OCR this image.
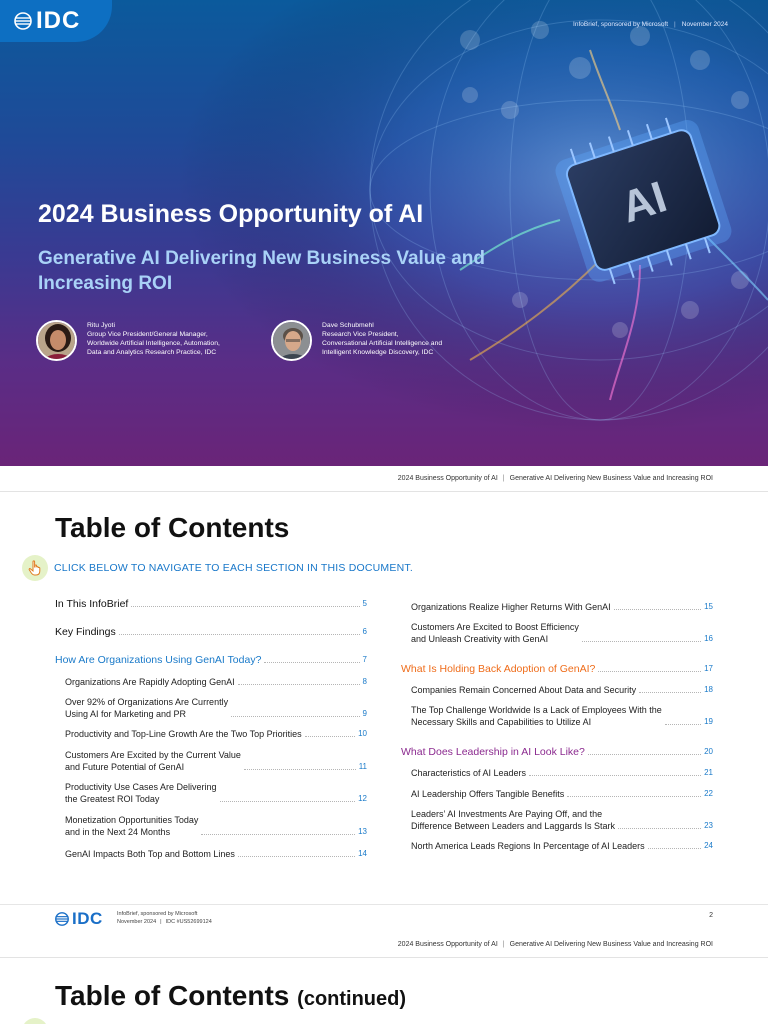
AI
IDC	InfoBrief, sponsored by Microsoft | November 2024
2024 Business Opportunity of AI
Generative AI Delivering New Business Value and Increasing ROI
Ritu Jyoti
Group Vice President/General Manager,
Worldwide Artificial Intelligence, Automation,
Data and Analytics Research Practice, IDC
Dave Schubmehl
Research Vice President,
Conversational Artificial Intelligence and
Intelligent Knowledge Discovery, IDC
2024 Business Opportunity of AI | Generative AI Delivering New Business Value and Increasing ROI
Table of Contents
CLICK BELOW TO NAVIGATE TO EACH SECTION IN THIS DOCUMENT.
In This InfoBrief	5
Key Findings	6
How Are Organizations Using GenAI Today?	7
Organizations Are Rapidly Adopting GenAI	8
Over 92% of Organizations Are Currently
Using AI for Marketing and PR	9
Productivity and Top-Line Growth Are the Two Top Priorities	10
Customers Are Excited by the Current Value
and Future Potential of GenAI	11
Productivity Use Cases Are Delivering
the Greatest ROI Today	12
Monetization Opportunities Today
and in the Next 24 Months	13
GenAI Impacts Both Top and Bottom Lines	14
Organizations Realize Higher Returns With GenAI	15
Customers Are Excited to Boost Efficiency
and Unleash Creativity with GenAI	16
What Is Holding Back Adoption of GenAI?	17
Companies Remain Concerned About Data and Security	18
The Top Challenge Worldwide Is a Lack of Employees With the
Necessary Skills and Capabilities to Utilize AI	19
What Does Leadership in AI Look Like?	20
Characteristics of AI Leaders	21
AI Leadership Offers Tangible Benefits	22
Leaders’ AI Investments Are Paying Off, and the
Difference Between Leaders and Laggards Is Stark	23
North America Leads Regions In Percentage of AI Leaders	24
IDC	InfoBrief, sponsored by Microsoft
November 2024 | IDC #US52699124
2
2024 Business Opportunity of AI | Generative AI Delivering New Business Value and Increasing ROI
Table of Contents (continued)
